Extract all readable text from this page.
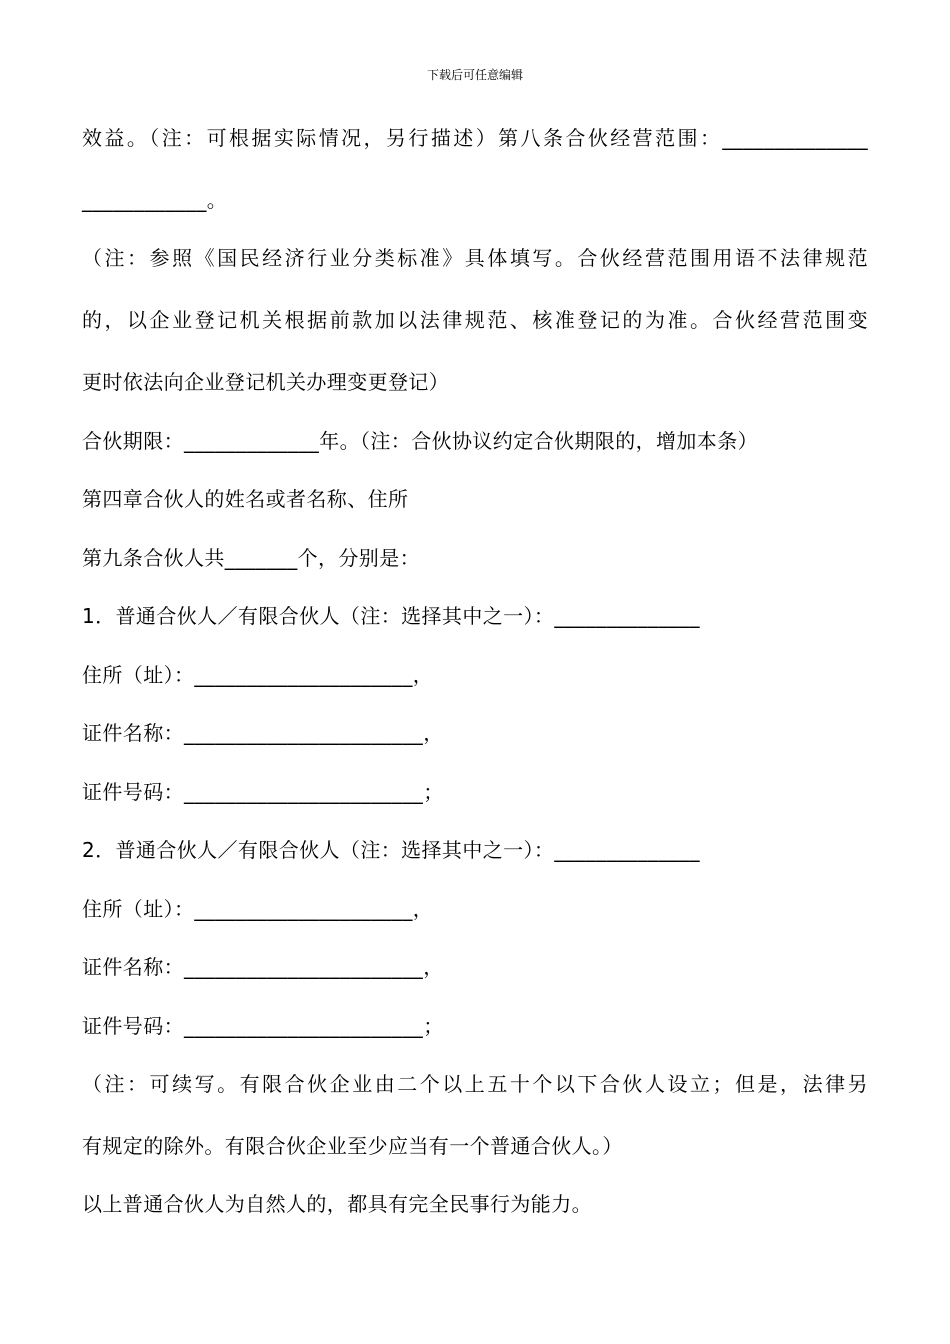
下载后可任意编辑
效益。（注：可根据实际情况，另行描述）第八条合伙经营范围：______________
____________。
（注：参照《国民经济行业分类标准》具体填写。合伙经营范围用语不法律规范
的，以企业登记机关根据前款加以法律规范、核准登记的为准。合伙经营范围变
更时依法向企业登记机关办理变更登记）
合伙期限：_____________年。（注：合伙协议约定合伙期限的，增加本条）
第四章合伙人的姓名或者名称、住所
第九条合伙人共_______个，分别是：
1．普通合伙人／有限合伙人（注：选择其中之一）：______________
住所（址）：_____________________，
证件名称：_______________________，
证件号码：_______________________；
2．普通合伙人／有限合伙人（注：选择其中之一）：______________
住所（址）：_____________________，
证件名称：_______________________，
证件号码：_______________________；
（注：可续写。有限合伙企业由二个以上五十个以下合伙人设立；但是，法律另
有规定的除外。有限合伙企业至少应当有一个普通合伙人。）
以上普通合伙人为自然人的，都具有完全民事行为能力。
